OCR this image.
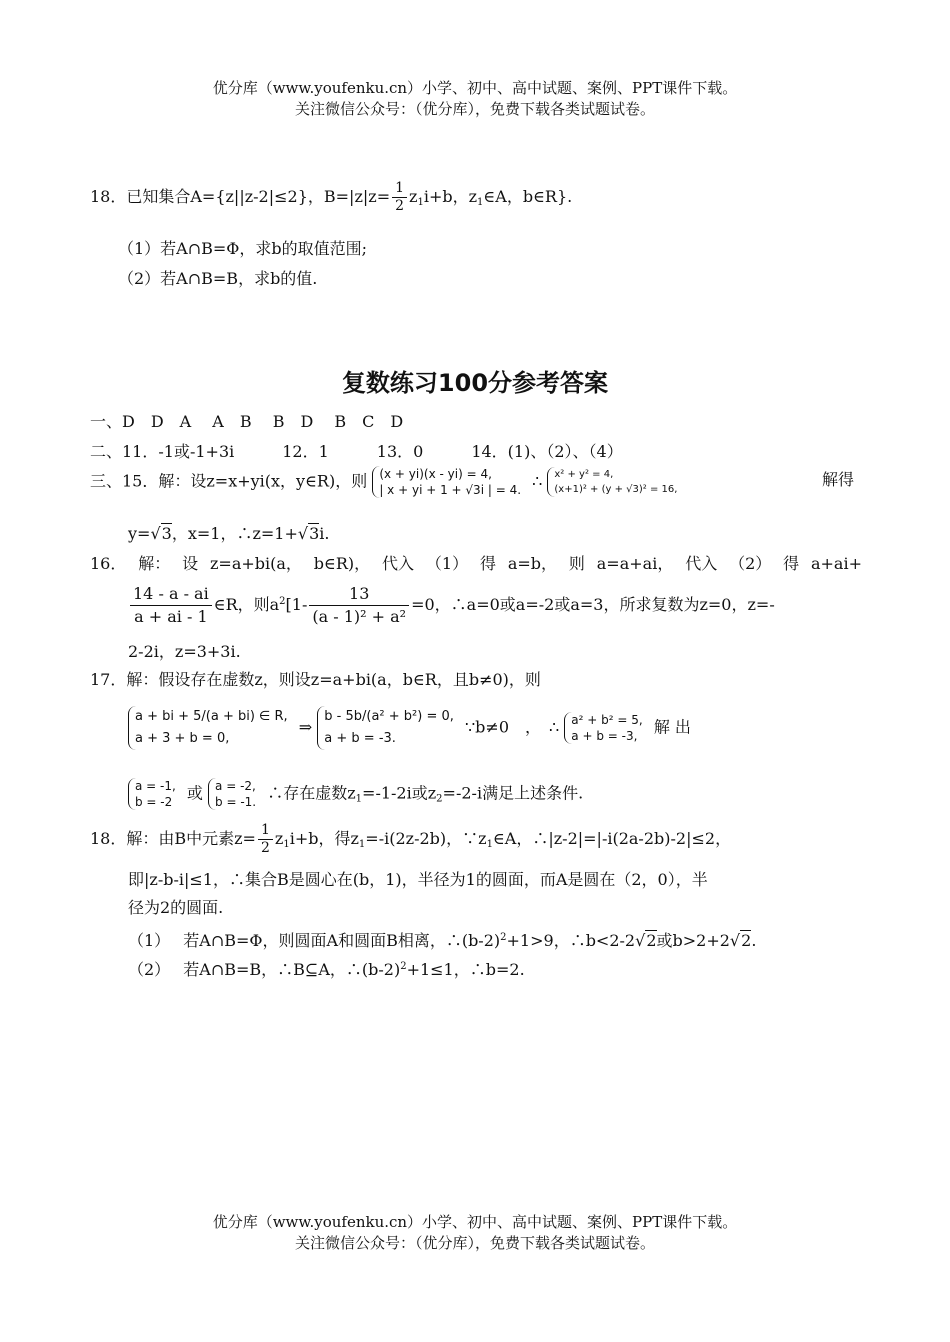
优分库（www.youfenku.cn）小学、初中、高中试题、案例、PPT课件下载。
关注微信公众号：（优分库），免费下载各类试题试卷。
18．已知集合A={z||z-2|≤2}，$B=|z|z= \frac{1}{2} z_1i+b$，$z_1\in A$，b∈R}.
（1）若A∩B=Φ，求b的取值范围;
（2）若A∩B=B，求b的值.
复数练习100分参考答案
一、D　D　A　 A　B　 B　D　 B　C　D
二、11．-1或-1+3i　　　12．1　　　13．0　　　14．(1)、（2）、（4）
三、15．解：设z=x+yi(x，y∈R)，则 (x + yi)(x - yi) = 4,
| x + yi + 1 + √3i | = 4. ∴ x² + y² = 4,
(x+1)² + (y + √3)² = 16,
解得
y=√3，x=1，∴z=1+√3i.
16． 解： 设 z=a+bi(a， b∈R)， 代入 （1） 得 a=b， 则 a=a+ai， 代入 （2） 得 a+ai+
$\frac{14 - a - ai}{a + ai - 1}$ ∈R，则$a^2[1- \frac{13}{\text{(a - 1)² + a²}} =0$，∴a=0或a=-2或a=3，所求复数为z=0，z=-
2-2i，z=3+3i.
17．解：假设存在虚数z，则设z=a+bi(a，b∈R，且b≠0)，则
a + bi + 5/(a + bi) ∈ R,
a + 3 + b = 0, ⇒ b - 5b/(a² + b²) = 0,
a + b = -3. ∵b≠0　，　∴ a² + b² = 5,
a + b = -3, 解 出
a = -1,
b = -2 或 a = -2,
b = -1. ∴存在虚数$z_1=-1-2i$或$z_2=-2-i$满足上述条件.
18．解：由B中元素$z= \frac{1}{2} z_1i+b$，得$z_1=-i(2z-2b)$，$\because z_1\in A$，∴|z-2|=|-i(2a-2b)-2|≤2，
即|z-b-i|≤1，∴集合B是圆心在(b，1)，半径为1的圆面，而A是圆在（2，0），半
径为2的圆面.
（1）　 若A∩B=Φ，则圆面A和圆面B相离，$\therefore(b-2)^2+1>9$，∴b<2-2√2或b>2+2√2.
（2）　 若A∩B=B，∴B⊆A，$\therefore(b-2)^2+1\le 1$，∴b=2.
优分库（www.youfenku.cn）小学、初中、高中试题、案例、PPT课件下载。
关注微信公众号：（优分库），免费下载各类试题试卷。
